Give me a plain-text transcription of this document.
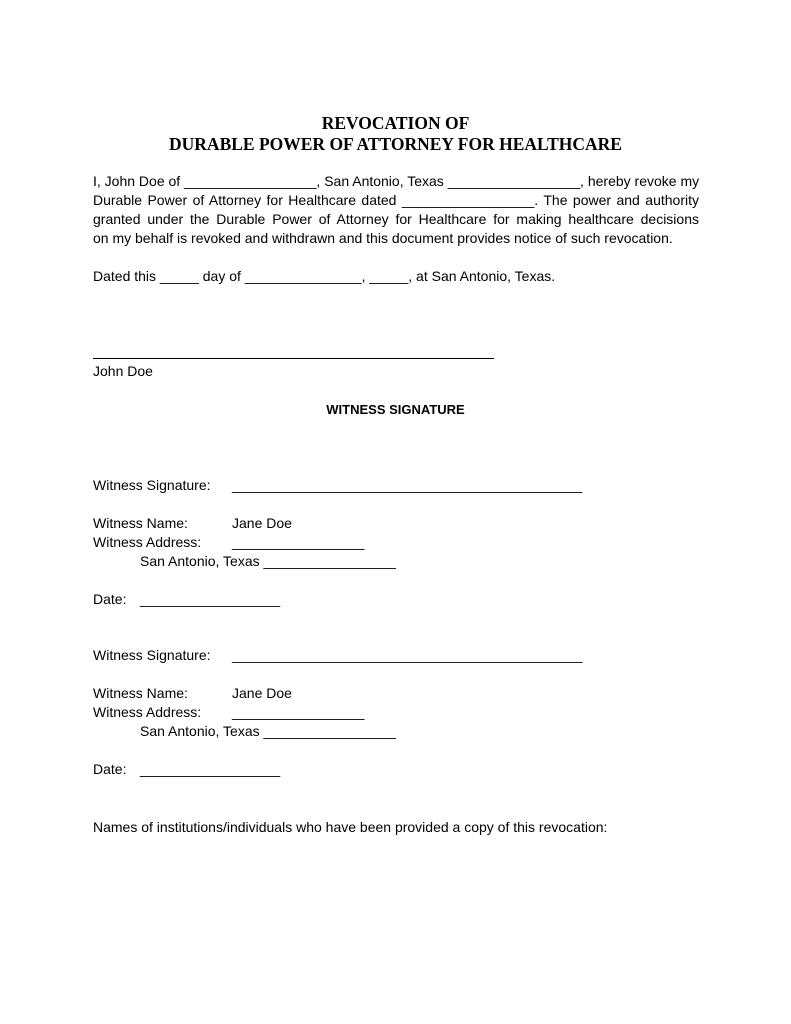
REVOCATION OF
DURABLE POWER OF ATTORNEY FOR HEALTHCARE
I, John Doe of _________________, San Antonio, Texas _________________, hereby revoke my
Durable Power of Attorney for Healthcare dated _________________. The power and authority
granted under the Durable Power of Attorney for Healthcare for making healthcare decisions
on my behalf is revoked and withdrawn and this document provides notice of such revocation.
Dated this _____ day of _______________, _____, at San Antonio, Texas.
John Doe
WITNESS SIGNATURE
Witness Signature: _____________________________________________
Witness Name:	Jane Doe
Witness Address: _________________
San Antonio, Texas _________________
Date: __________________
Witness Signature: _____________________________________________
Witness Name:	Jane Doe
Witness Address: _________________
San Antonio, Texas _________________
Date: __________________
Names of institutions/individuals who have been provided a copy of this revocation:
